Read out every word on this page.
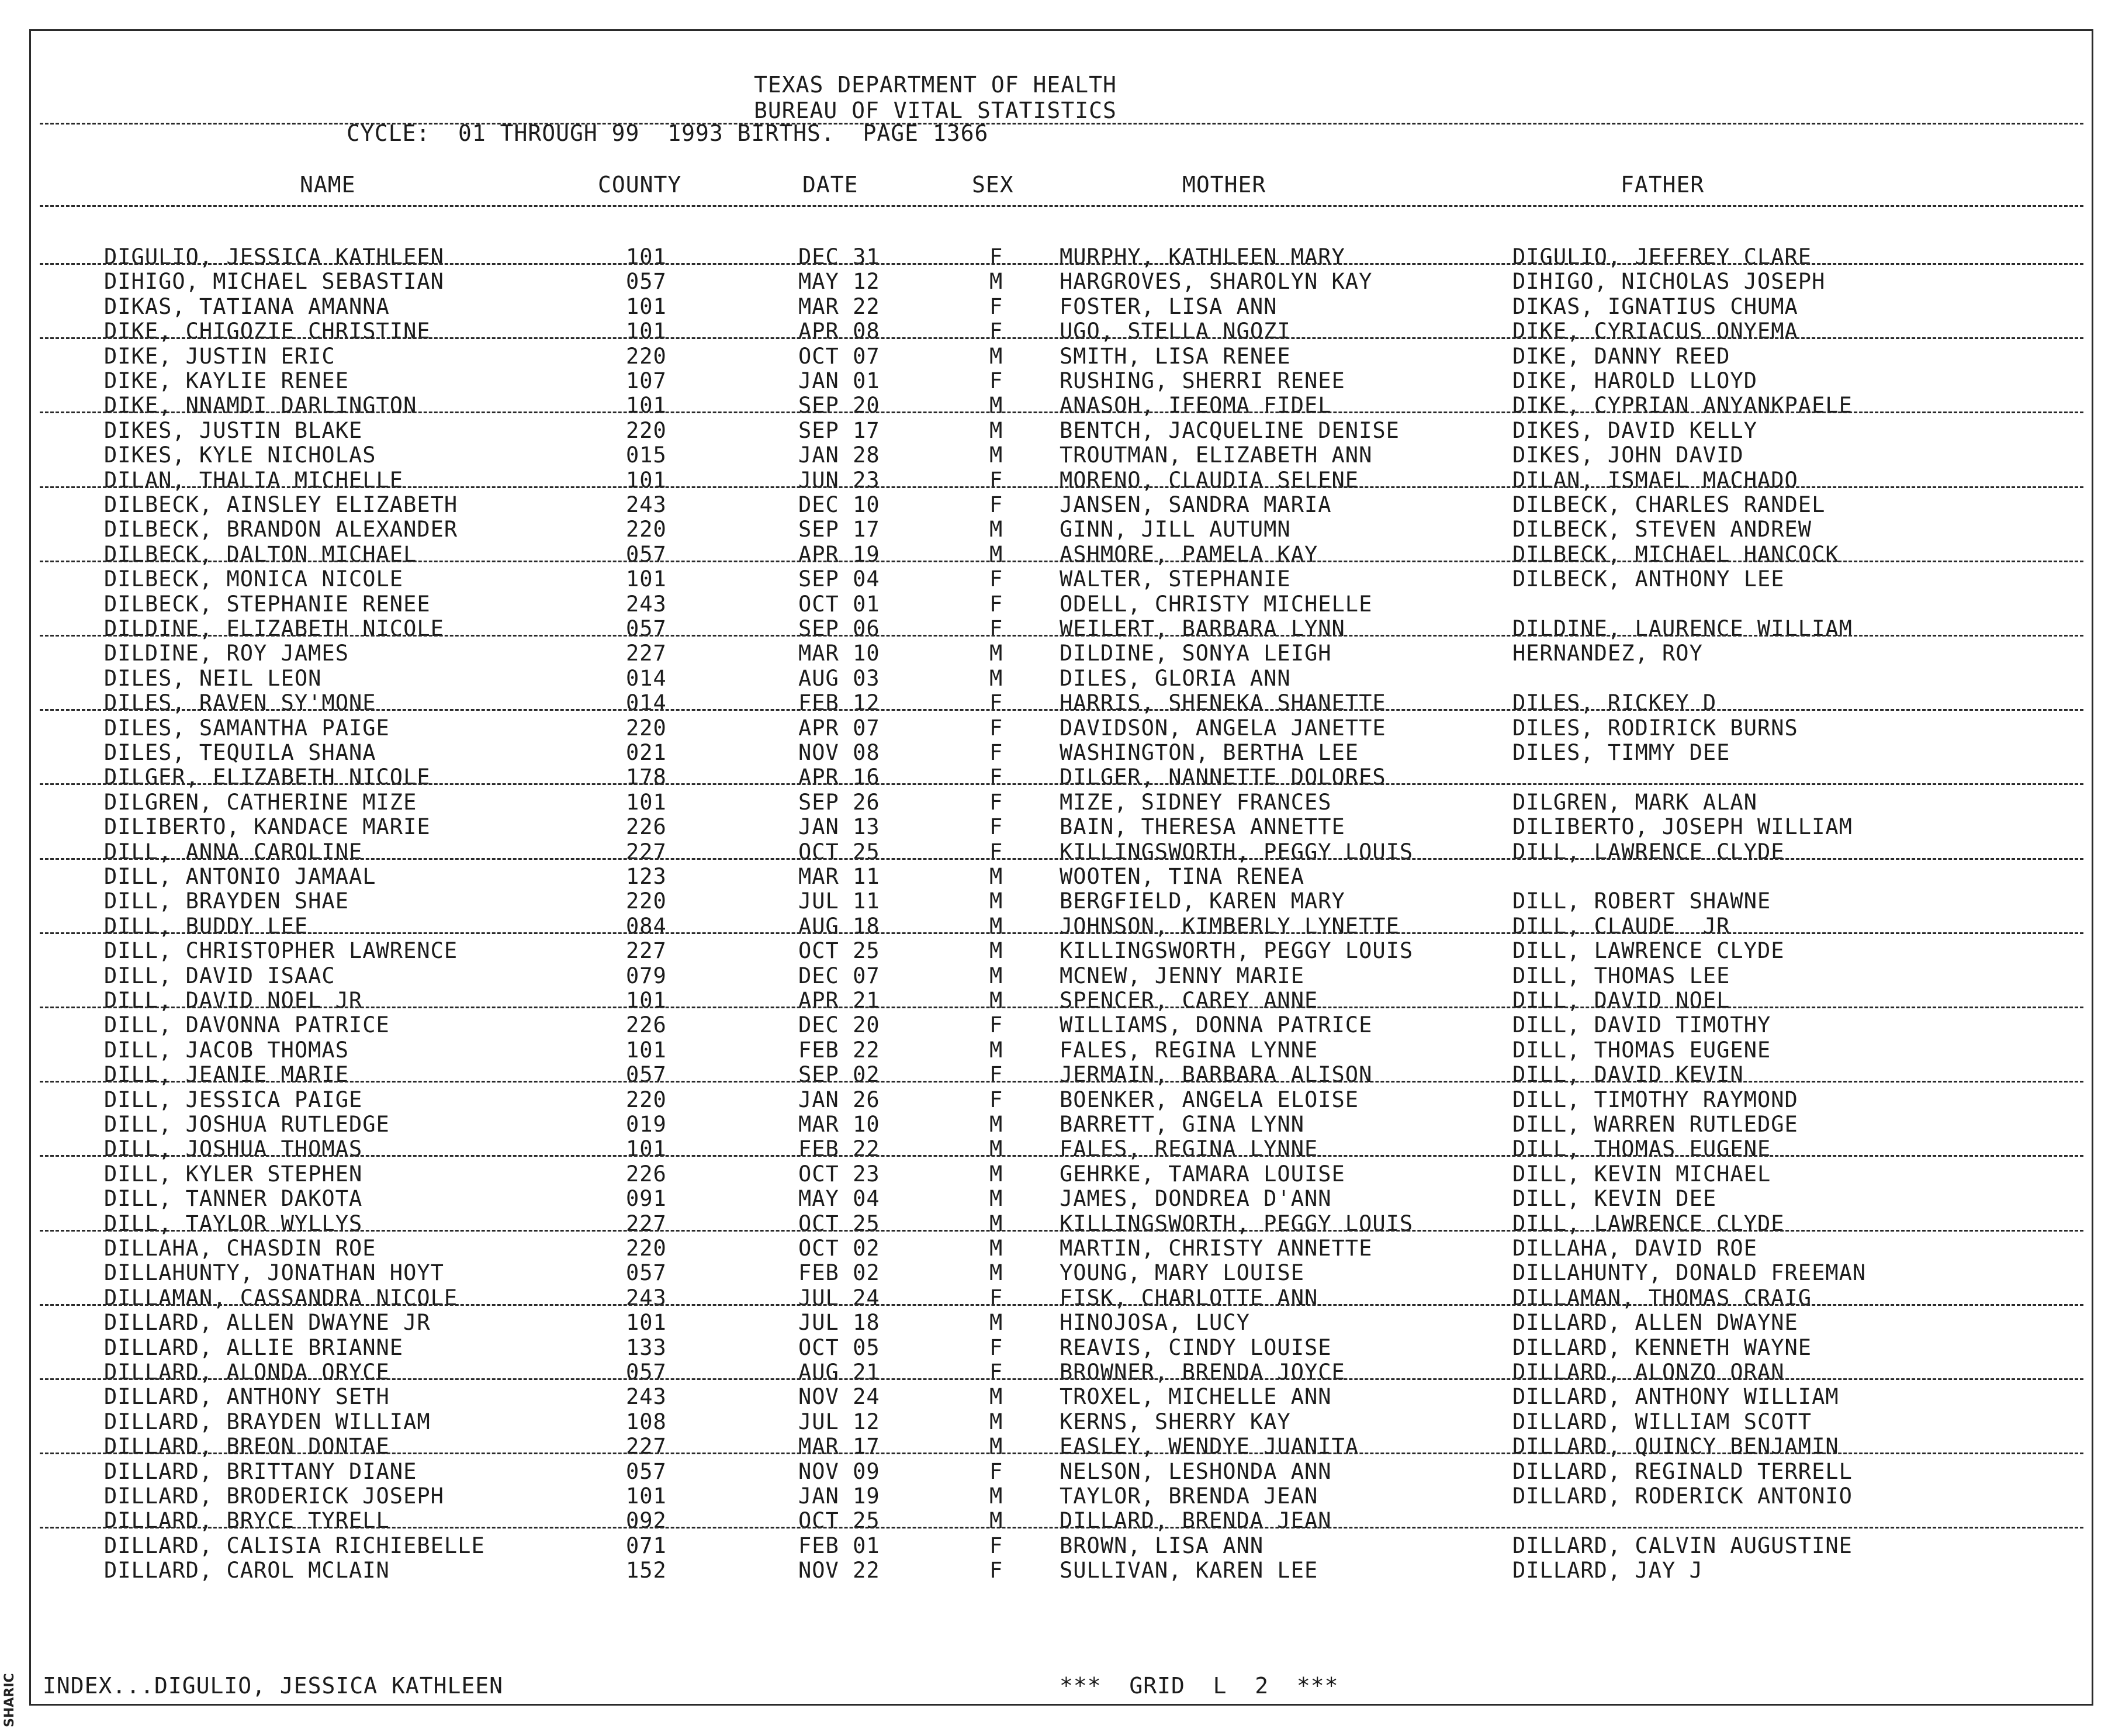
SHARIC
TEXAS DEPARTMENT OF HEALTH
BUREAU OF VITAL STATISTICS
CYCLE:  01 THROUGH 99  1993 BIRTHS.  PAGE 1366
NAME	COUNTY	DATE	SEX	MOTHER	FATHER
DIGULIO, JESSICA KATHLEEN	101	DEC 31	F	MURPHY, KATHLEEN MARY	DIGULIO, JEFFREY CLARE
DIHIGO, MICHAEL SEBASTIAN	057	MAY 12	M	HARGROVES, SHAROLYN KAY	DIHIGO, NICHOLAS JOSEPH
DIKAS, TATIANA AMANNA	101	MAR 22	F	FOSTER, LISA ANN	DIKAS, IGNATIUS CHUMA
DIKE, CHIGOZIE CHRISTINE	101	APR 08	F	UGO, STELLA NGOZI	DIKE, CYRIACUS ONYEMA
DIKE, JUSTIN ERIC	220	OCT 07	M	SMITH, LISA RENEE	DIKE, DANNY REED
DIKE, KAYLIE RENEE	107	JAN 01	F	RUSHING, SHERRI RENEE	DIKE, HAROLD LLOYD
DIKE, NNAMDI DARLINGTON	101	SEP 20	M	ANASOH, IFEOMA FIDEL	DIKE, CYPRIAN ANYANKPAELE
DIKES, JUSTIN BLAKE	220	SEP 17	M	BENTCH, JACQUELINE DENISE	DIKES, DAVID KELLY
DIKES, KYLE NICHOLAS	015	JAN 28	M	TROUTMAN, ELIZABETH ANN	DIKES, JOHN DAVID
DILAN, THALIA MICHELLE	101	JUN 23	F	MORENO, CLAUDIA SELENE	DILAN, ISMAEL MACHADO
DILBECK, AINSLEY ELIZABETH	243	DEC 10	F	JANSEN, SANDRA MARIA	DILBECK, CHARLES RANDEL
DILBECK, BRANDON ALEXANDER	220	SEP 17	M	GINN, JILL AUTUMN	DILBECK, STEVEN ANDREW
DILBECK, DALTON MICHAEL	057	APR 19	M	ASHMORE, PAMELA KAY	DILBECK, MICHAEL HANCOCK
DILBECK, MONICA NICOLE	101	SEP 04	F	WALTER, STEPHANIE	DILBECK, ANTHONY LEE
DILBECK, STEPHANIE RENEE	243	OCT 01	F	ODELL, CHRISTY MICHELLE
DILDINE, ELIZABETH NICOLE	057	SEP 06	F	WEILERT, BARBARA LYNN	DILDINE, LAURENCE WILLIAM
DILDINE, ROY JAMES	227	MAR 10	M	DILDINE, SONYA LEIGH	HERNANDEZ, ROY
DILES, NEIL LEON	014	AUG 03	M	DILES, GLORIA ANN
DILES, RAVEN SY'MONE	014	FEB 12	F	HARRIS, SHENEKA SHANETTE	DILES, RICKEY D
DILES, SAMANTHA PAIGE	220	APR 07	F	DAVIDSON, ANGELA JANETTE	DILES, RODIRICK BURNS
DILES, TEQUILA SHANA	021	NOV 08	F	WASHINGTON, BERTHA LEE	DILES, TIMMY DEE
DILGER, ELIZABETH NICOLE	178	APR 16	F	DILGER, NANNETTE DOLORES
DILGREN, CATHERINE MIZE	101	SEP 26	F	MIZE, SIDNEY FRANCES	DILGREN, MARK ALAN
DILIBERTO, KANDACE MARIE	226	JAN 13	F	BAIN, THERESA ANNETTE	DILIBERTO, JOSEPH WILLIAM
DILL, ANNA CAROLINE	227	OCT 25	F	KILLINGSWORTH, PEGGY LOUIS	DILL, LAWRENCE CLYDE
DILL, ANTONIO JAMAAL	123	MAR 11	M	WOOTEN, TINA RENEA
DILL, BRAYDEN SHAE	220	JUL 11	M	BERGFIELD, KAREN MARY	DILL, ROBERT SHAWNE
DILL, BUDDY LEE	084	AUG 18	M	JOHNSON, KIMBERLY LYNETTE	DILL, CLAUDE  JR
DILL, CHRISTOPHER LAWRENCE	227	OCT 25	M	KILLINGSWORTH, PEGGY LOUIS	DILL, LAWRENCE CLYDE
DILL, DAVID ISAAC	079	DEC 07	M	MCNEW, JENNY MARIE	DILL, THOMAS LEE
DILL, DAVID NOEL JR	101	APR 21	M	SPENCER, CAREY ANNE	DILL, DAVID NOEL
DILL, DAVONNA PATRICE	226	DEC 20	F	WILLIAMS, DONNA PATRICE	DILL, DAVID TIMOTHY
DILL, JACOB THOMAS	101	FEB 22	M	FALES, REGINA LYNNE	DILL, THOMAS EUGENE
DILL, JEANIE MARIE	057	SEP 02	F	JERMAIN, BARBARA ALISON	DILL, DAVID KEVIN
DILL, JESSICA PAIGE	220	JAN 26	F	BOENKER, ANGELA ELOISE	DILL, TIMOTHY RAYMOND
DILL, JOSHUA RUTLEDGE	019	MAR 10	M	BARRETT, GINA LYNN	DILL, WARREN RUTLEDGE
DILL, JOSHUA THOMAS	101	FEB 22	M	FALES, REGINA LYNNE	DILL, THOMAS EUGENE
DILL, KYLER STEPHEN	226	OCT 23	M	GEHRKE, TAMARA LOUISE	DILL, KEVIN MICHAEL
DILL, TANNER DAKOTA	091	MAY 04	M	JAMES, DONDREA D'ANN	DILL, KEVIN DEE
DILL, TAYLOR WYLLYS	227	OCT 25	M	KILLINGSWORTH, PEGGY LOUIS	DILL, LAWRENCE CLYDE
DILLAHA, CHASDIN ROE	220	OCT 02	M	MARTIN, CHRISTY ANNETTE	DILLAHA, DAVID ROE
DILLAHUNTY, JONATHAN HOYT	057	FEB 02	M	YOUNG, MARY LOUISE	DILLAHUNTY, DONALD FREEMAN
DILLAMAN, CASSANDRA NICOLE	243	JUL 24	F	FISK, CHARLOTTE ANN	DILLAMAN, THOMAS CRAIG
DILLARD, ALLEN DWAYNE JR	101	JUL 18	M	HINOJOSA, LUCY	DILLARD, ALLEN DWAYNE
DILLARD, ALLIE BRIANNE	133	OCT 05	F	REAVIS, CINDY LOUISE	DILLARD, KENNETH WAYNE
DILLARD, ALONDA ORYCE	057	AUG 21	F	BROWNER, BRENDA JOYCE	DILLARD, ALONZO ORAN
DILLARD, ANTHONY SETH	243	NOV 24	M	TROXEL, MICHELLE ANN	DILLARD, ANTHONY WILLIAM
DILLARD, BRAYDEN WILLIAM	108	JUL 12	M	KERNS, SHERRY KAY	DILLARD, WILLIAM SCOTT
DILLARD, BREON DONTAE	227	MAR 17	M	EASLEY, WENDYE JUANITA	DILLARD, QUINCY BENJAMIN
DILLARD, BRITTANY DIANE	057	NOV 09	F	NELSON, LESHONDA ANN	DILLARD, REGINALD TERRELL
DILLARD, BRODERICK JOSEPH	101	JAN 19	M	TAYLOR, BRENDA JEAN	DILLARD, RODERICK ANTONIO
DILLARD, BRYCE TYRELL	092	OCT 25	M	DILLARD, BRENDA JEAN
DILLARD, CALISIA RICHIEBELLE	071	FEB 01	F	BROWN, LISA ANN	DILLARD, CALVIN AUGUSTINE
DILLARD, CAROL MCLAIN	152	NOV 22	F	SULLIVAN, KAREN LEE	DILLARD, JAY J
INDEX...DIGULIO, JESSICA KATHLEEN	***  GRID  L  2  ***
